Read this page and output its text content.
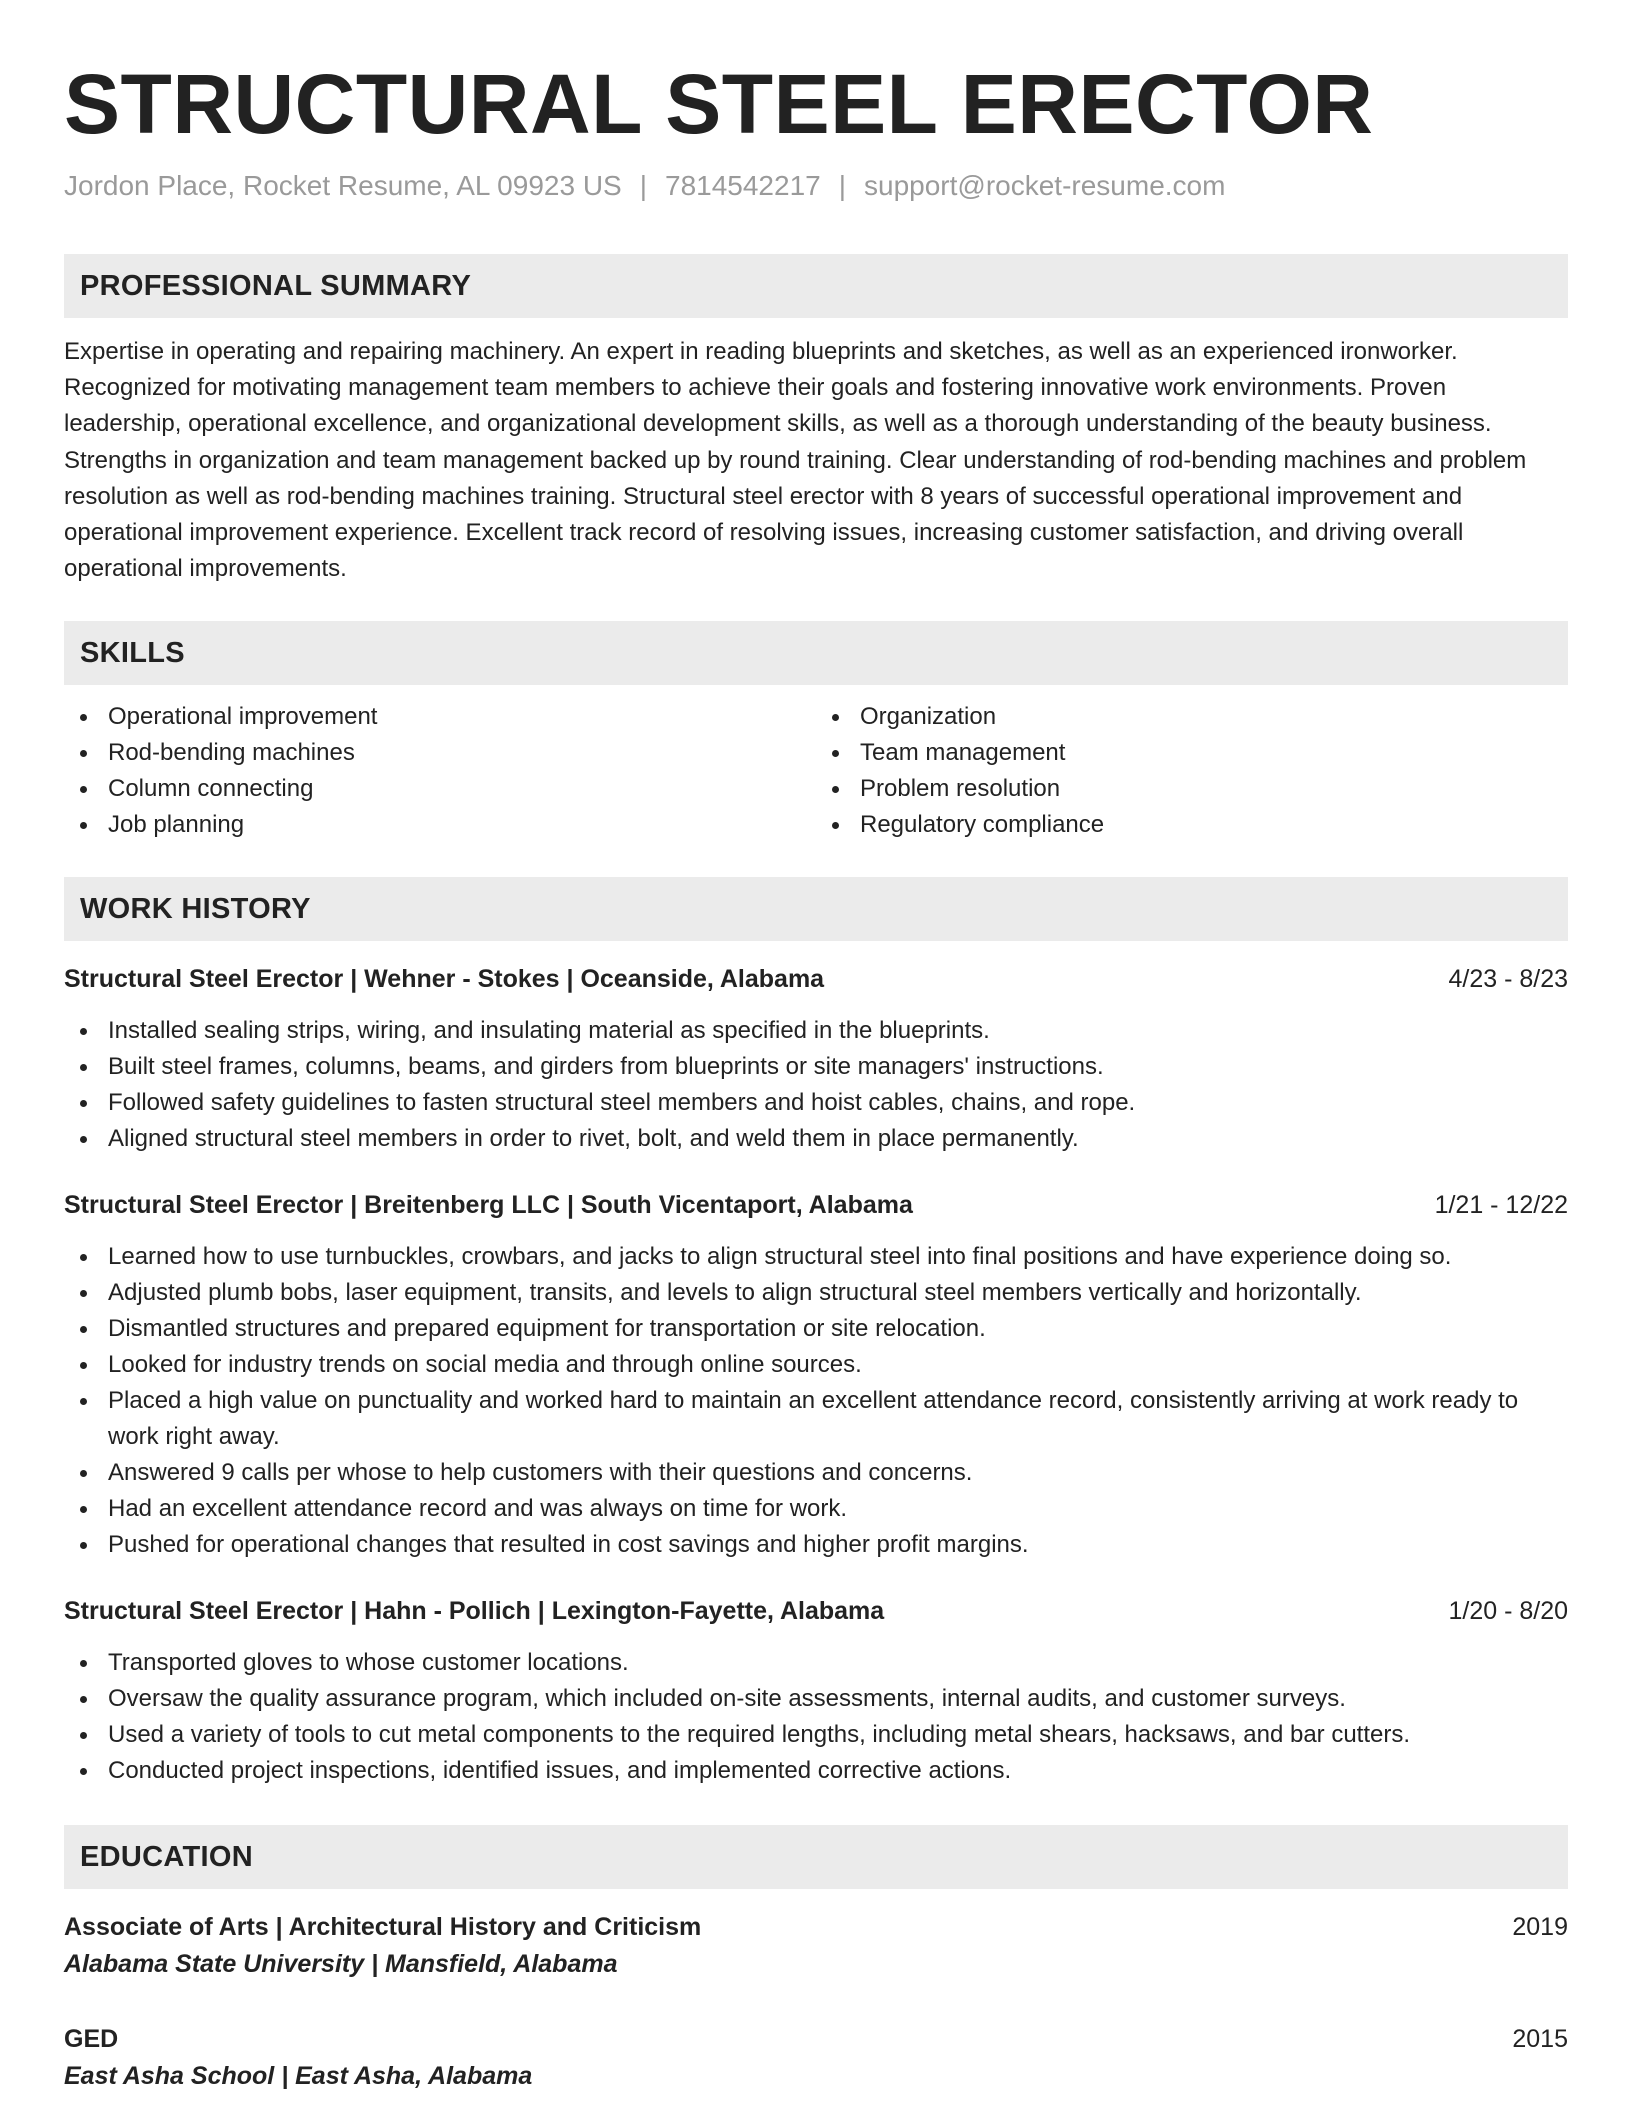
STRUCTURAL STEEL ERECTOR
Jordon Place, Rocket Resume, AL 09923 US | 7814542217 | support@rocket-resume.com
PROFESSIONAL SUMMARY

Expertise in operating and repairing machinery. An expert in reading blueprints and sketches, as well as an experienced ironworker. Recognized for motivating management team members to achieve their goals and fostering innovative work environments. Proven leadership, operational excellence, and organizational development skills, as well as a thorough understanding of the beauty business. Strengths in organization and team management backed up by round training. Clear understanding of rod-bending machines and problem resolution as well as rod-bending machines training. Structural steel erector with 8 years of successful operational improvement and operational improvement experience. Excellent track record of resolving issues, increasing customer satisfaction, and driving overall operational improvements.

SKILLS
Operational improvement
Rod-bending machines
Column connecting
Job planning
Organization
Team management
Problem resolution
Regulatory compliance
WORK HISTORY
Structural Steel Erector | Wehner - Stokes | Oceanside, Alabama	4/23 - 8/23
Installed sealing strips, wiring, and insulating material as specified in the blueprints.
Built steel frames, columns, beams, and girders from blueprints or site managers' instructions.
Followed safety guidelines to fasten structural steel members and hoist cables, chains, and rope.
Aligned structural steel members in order to rivet, bolt, and weld them in place permanently.
Structural Steel Erector | Breitenberg LLC | South Vicentaport, Alabama	1/21 - 12/22
Learned how to use turnbuckles, crowbars, and jacks to align structural steel into final positions and have experience doing so.
Adjusted plumb bobs, laser equipment, transits, and levels to align structural steel members vertically and horizontally.
Dismantled structures and prepared equipment for transportation or site relocation.
Looked for industry trends on social media and through online sources.
Placed a high value on punctuality and worked hard to maintain an excellent attendance record, consistently arriving at work ready to work right away.
Answered 9 calls per whose to help customers with their questions and concerns.
Had an excellent attendance record and was always on time for work.
Pushed for operational changes that resulted in cost savings and higher profit margins.
Structural Steel Erector | Hahn - Pollich | Lexington-Fayette, Alabama	1/20 - 8/20
Transported gloves to whose customer locations.
Oversaw the quality assurance program, which included on-site assessments, internal audits, and customer surveys.
Used a variety of tools to cut metal components to the required lengths, including metal shears, hacksaws, and bar cutters.
Conducted project inspections, identified issues, and implemented corrective actions.
EDUCATION
Associate of Arts | Architectural History and Criticism	2019
Alabama State University | Mansfield, Alabama
GED	2015
East Asha School | East Asha, Alabama
